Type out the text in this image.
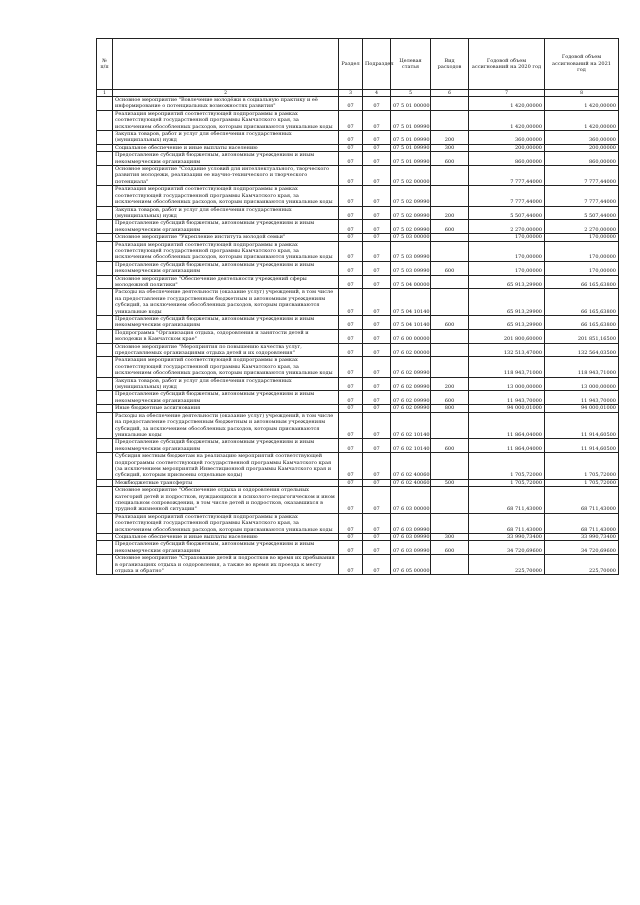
№ п/п		Раздел	Подраздел	Целевая статья	Вид расходов	Годовой объем ассигнований на 2020 год	Годовой объем ассигнований на 2021 год
1	2	3	4	5	6	7	8
	Основное мероприятие "Вовлечение молодёжи в социальную практику и её информирование о потенциальных возможностях развития"	07	07	07 5 01 00000		1 420,00000	1 420,00000
	Реализация мероприятий соответствующей подпрограммы в рамках соответствующей государственной программы Камчатского края, за исключением обособленных расходов, которым присваиваются уникальные коды	07	07	07 5 01 09990		1 420,00000	1 420,00000
	Закупка товаров, работ и услуг для обеспечения государственных (муниципальных) нужд	07	07	07 5 01 09990	200	360,00000	360,00000
	Социальное обеспечение и иные выплаты населению	07	07	07 5 01 09990	300	200,00000	200,00000
	Предоставление субсидий бюджетным, автономным учреждениям и иным некоммерческим организациям	07	07	07 5 01 09990	600	860,00000	860,00000
	Основное мероприятие "Создание условий для интеллектуального, творческого развития молодежи, реализации ее научно-технического и творческого потенциала"	07	07	07 5 02 00000		7 777,44000	7 777,44000
	Реализация мероприятий соответствующей подпрограммы в рамках соответствующей государственной программы Камчатского края, за исключением обособленных расходов, которым присваиваются уникальные коды	07	07	07 5 02 09990		7 777,44000	7 777,44000
	Закупка товаров, работ и услуг для обеспечения государственных (муниципальных) нужд	07	07	07 5 02 09990	200	5 507,44000	5 507,44000
	Предоставление субсидий бюджетным, автономным учреждениям и иным некоммерческим организациям	07	07	07 5 02 09990	600	2 270,00000	2 270,00000
	Основное мероприятие "Укрепление института молодой семьи"	07	07	07 5 03 00000		170,00000	170,00000
	Реализация мероприятий соответствующей подпрограммы в рамках соответствующей государственной программы Камчатского края, за исключением обособленных расходов, которым присваиваются уникальные коды	07	07	07 5 03 09990		170,00000	170,00000
	Предоставление субсидий бюджетным, автономным учреждениям и иным некоммерческим организациям	07	07	07 5 03 09990	600	170,00000	170,00000
	Основное мероприятие "Обеспечение деятельности учреждений сферы молодежной политики"	07	07	07 5 04 00000		65 913,29900	66 165,63800
	Расходы на обеспечение деятельности (оказание услуг) учреждений, в том числе на предоставление государственным бюджетным и автономным учреждениям субсидий, за исключением обособленных расходов, которым присваиваются уникальные коды	07	07	07 5 04 10140		65 913,29900	66 165,63800
	Предоставление субсидий бюджетным, автономным учреждениям и иным некоммерческим организациям	07	07	07 5 04 10140	600	65 913,29900	66 165,63800
	Подпрограмма "Организация отдыха, оздоровления и занятости детей и молодежи в Камчатском крае"	07	07	07 6 00 00000		201 800,60000	201 851,16500
	Основное мероприятие "Мероприятия по повышению качества услуг, предоставляемых организациями отдыха детей и их оздоровления"	07	07	07 6 02 00000		132 513,47000	132 564,03500
	Реализация мероприятий соответствующей подпрограммы в рамках соответствующей государственной программы Камчатского края, за исключением обособленных расходов, которым присваиваются уникальные коды	07	07	07 6 02 09990		118 943,71000	118 943,71000
	Закупка товаров, работ и услуг для обеспечения государственных (муниципальных) нужд	07	07	07 6 02 09990	200	13 000,00000	13 000,00000
	Предоставление субсидий бюджетным, автономным учреждениям и иным некоммерческим организациям	07	07	07 6 02 09990	600	11 943,70000	11 943,70000
	Иные бюджетные ассигнования	07	07	07 6 02 09990	800	94 000,01000	94 000,01000
	Расходы на обеспечение деятельности (оказание услуг) учреждений, в том числе на предоставление государственным бюджетным и автономным учреждениям субсидий, за исключением обособленных расходов, которым присваиваются уникальные коды	07	07	07 6 02 10140		11 864,04000	11 914,60500
	Предоставление субсидий бюджетным, автономным учреждениям и иным некоммерческим организациям	07	07	07 6 02 10140	600	11 864,04000	11 914,60500
	Субсидия местным бюджетам на реализацию мероприятий соответствующей подпрограммы соответствующей государственной программы Камчатского края (за исключением мероприятий Инвестиционной программы Камчатского края и субсидий, которым присвоены отдельные коды)	07	07	07 6 02 40060		1 705,72000	1 705,72000
	Межбюджетные трансферты	07	07	07 6 02 40060	500	1 705,72000	1 705,72000
	Основное мероприятие "Обеспечение отдыха и оздоровления отдельных категорий детей и подростков, нуждающихся в психолого-педагогическом и ином специальном сопровождении, в том числе детей и подростков, оказавшихся в трудной жизненной ситуации"	07	07	07 6 03 00000		68 711,43000	68 711,43000
	Реализация мероприятий соответствующей подпрограммы в рамках соответствующей государственной программы Камчатского края, за исключением обособленных расходов, которым присваиваются уникальные коды	07	07	07 6 03 09990		68 711,43000	68 711,43000
	Социальное обеспечение и иные выплаты населению	07	07	07 6 03 09990	300	33 990,73400	33 990,73400
	Предоставление субсидий бюджетным, автономным учреждениям и иным некоммерческим организациям	07	07	07 6 03 09990	600	34 720,69600	34 720,69600
	Основное мероприятие "Страхование детей и подростков во время их пребывания в организациях отдыха и оздоровления, а также во время их проезда к месту отдыха и обратно"	07	07	07 6 05 00000		225,70000	225,70000
